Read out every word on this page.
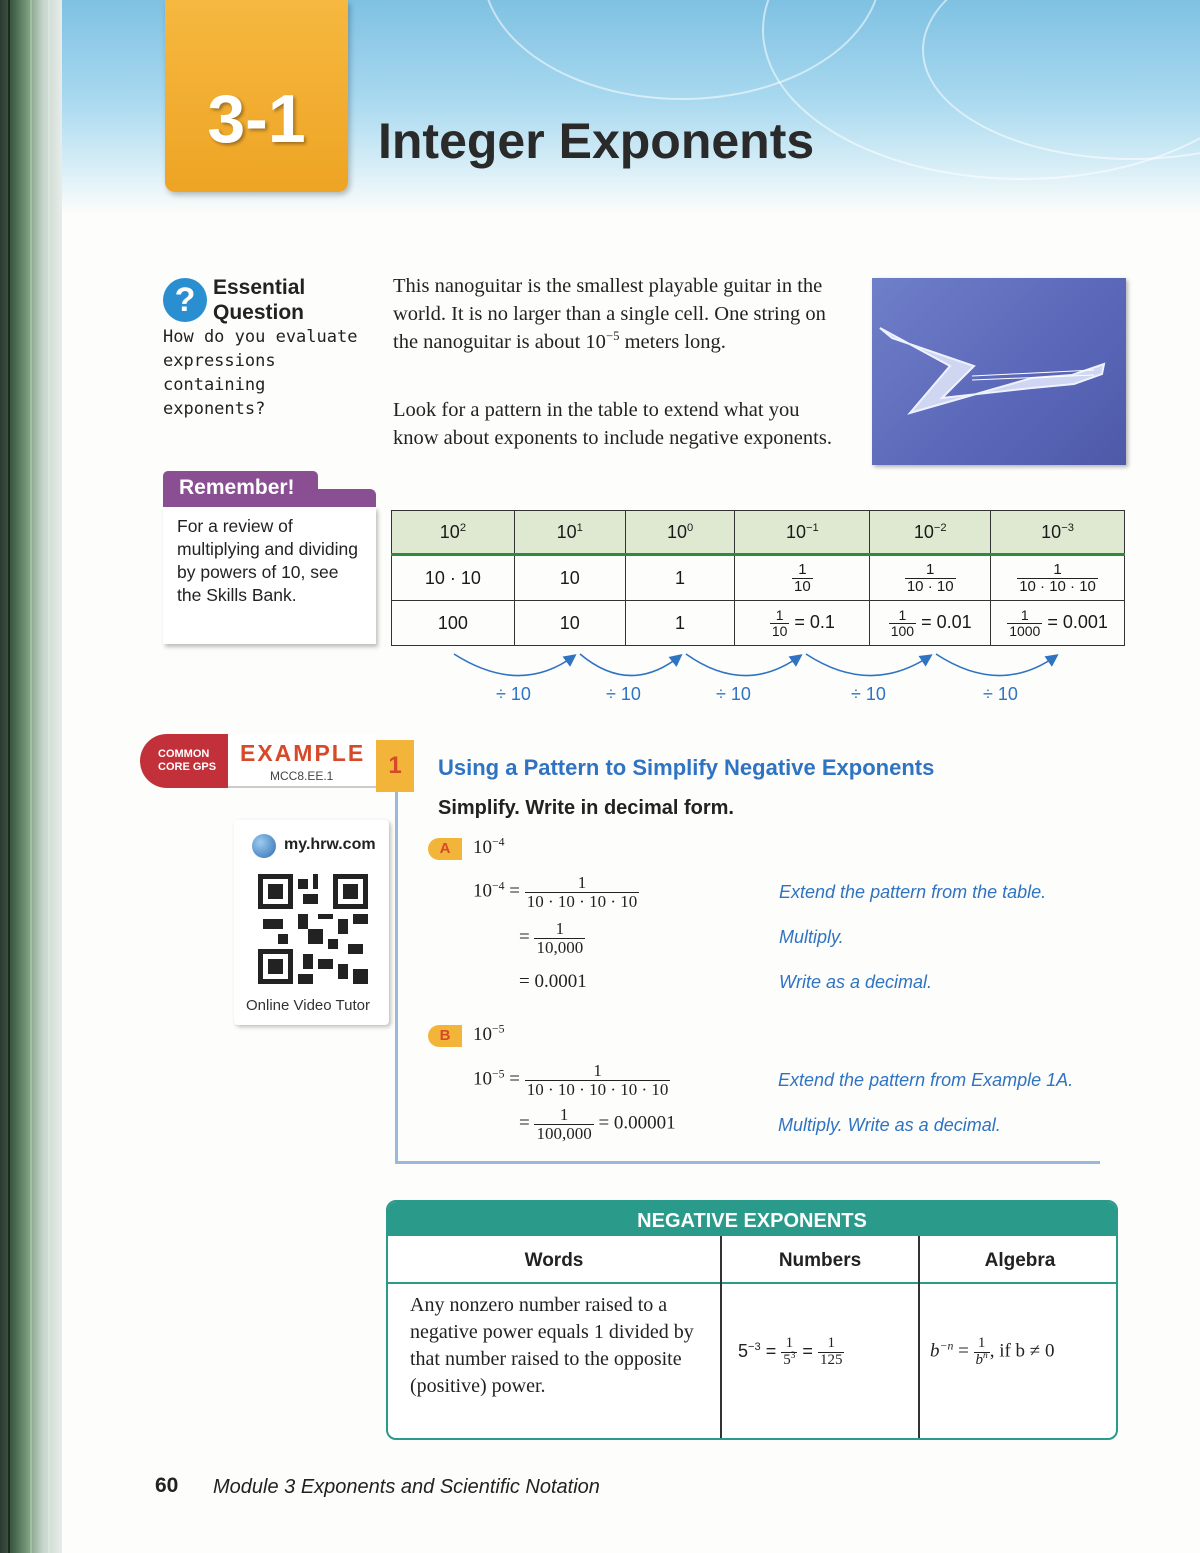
3-1	Integer Exponents
? Essential
Question
How do you evaluate expressions containing exponents?
This nanoguitar is the smallest playable guitar in the world. It is no larger than a single cell. One string on the nanoguitar is about $10^{-5}$ meters long.
Look for a pattern in the table to extend what you know about exponents to include negative exponents.
Remember!
For a review of multiplying and dividing by powers of 10, see the Skills Bank.
$10^2$	$10^1$	$10^0$	$10^{-1}$	$10^{-2}$	$10^{-3}$
10 · 10	10	1	$\frac{1}{10}$	$\frac{1}{10 \cdot 10}$	$\frac{1}{10 \cdot 10 \cdot 10}$

100	10	1	$\frac{1}{10} = 0.1$	$\frac{1}{100} = 0.01$	$\frac{1}{1000} = 0.001$
÷ 10	÷ 10	÷ 10	÷ 10	÷ 10
COMMON
CORE GPS
EXAMPLE
MCC8.EE.1	1	Using a Pattern to Simplify Negative Exponents
Simplify. Write in decimal form.
my.hrw.com
Online Video Tutor
A	$10^{-4}$
$10^{-4} = \frac{1}{10 \cdot 10 \cdot 10 \cdot 10}$
= $\frac{1}{10,000}$
= 0.0001
Extend the pattern from the table.
Multiply.
Write as a decimal.
B	$10^{-5}$
$10^{-5} = \frac{1}{10 \cdot 10 \cdot 10 \cdot 10 \cdot 10}$
= $\frac{1}{100,000} = 0.00001$
Extend the pattern from Example 1A.
Multiply. Write as a decimal.
NEGATIVE EXPONENTS
Words	Numbers	Algebra
Any nonzero number raised to a negative power equals 1 divided by that number raised to the opposite (positive) power.
$5^{-3} = \frac{1}{5^3} = \frac{1}{125}$	$b^{-n} = \frac{1}{b^n}$ , if b ≠ 0
60 Module 3 Exponents and Scientific Notation
